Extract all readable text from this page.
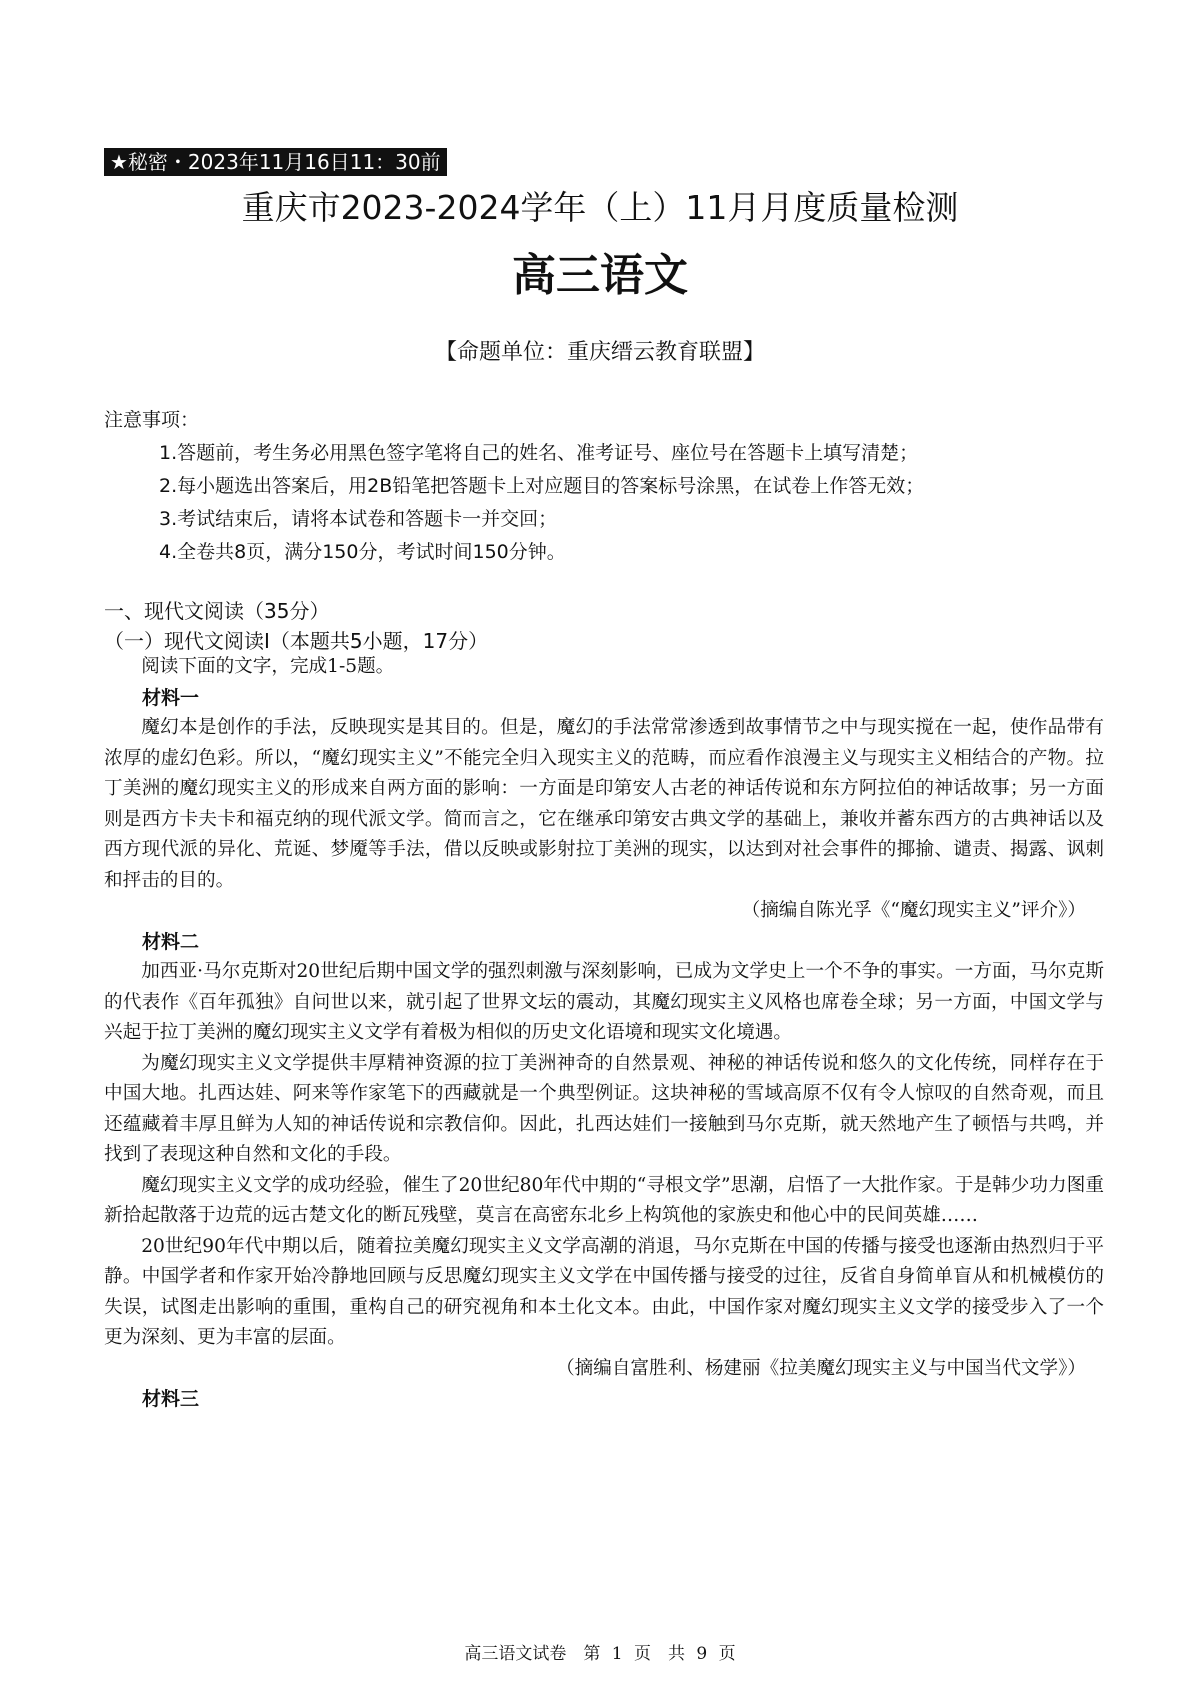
★秘密・2023年11月16日11：30前
重庆市2023-2024学年（上）11月月度质量检测
高三语文
【命题单位：重庆缙云教育联盟】
注意事项：
1.答题前，考生务必用黑色签字笔将自己的姓名、准考证号、座位号在答题卡上填写清楚；
2.每小题选出答案后，用2B铅笔把答题卡上对应题目的答案标号涂黑，在试卷上作答无效；
3.考试结束后，请将本试卷和答题卡一并交回；
4.全卷共8页，满分150分，考试时间150分钟。
一、现代文阅读（35分）
（一）现代文阅读Ⅰ（本题共5小题，17分）

阅读下面的文字，完成1-5题。

材料一

魔幻本是创作的手法，反映现实是其目的。但是，魔幻的手法常常渗透到故事情节之中与现实搅在一起，使作品带有浓厚的虚幻色彩。所以，“魔幻现实主义”不能完全归入现实主义的范畴，而应看作浪漫主义与现实主义相结合的产物。拉丁美洲的魔幻现实主义的形成来自两方面的影响：一方面是印第安人古老的神话传说和东方阿拉伯的神话故事；另一方面则是西方卡夫卡和福克纳的现代派文学。简而言之，它在继承印第安古典文学的基础上，兼收并蓄东西方的古典神话以及西方现代派的异化、荒诞、梦魇等手法，借以反映或影射拉丁美洲的现实，以达到对社会事件的揶揄、谴责、揭露、讽刺和抨击的目的。

（摘编自陈光孚《“魔幻现实主义”评介》）
材料二

加西亚·马尔克斯对20世纪后期中国文学的强烈刺激与深刻影响，已成为文学史上一个不争的事实。一方面，马尔克斯的代表作《百年孤独》自问世以来，就引起了世界文坛的震动，其魔幻现实主义风格也席卷全球；另一方面，中国文学与兴起于拉丁美洲的魔幻现实主义文学有着极为相似的历史文化语境和现实文化境遇。

为魔幻现实主义文学提供丰厚精神资源的拉丁美洲神奇的自然景观、神秘的神话传说和悠久的文化传统，同样存在于中国大地。扎西达娃、阿来等作家笔下的西藏就是一个典型例证。这块神秘的雪域高原不仅有令人惊叹的自然奇观，而且还蕴藏着丰厚且鲜为人知的神话传说和宗教信仰。因此，扎西达娃们一接触到马尔克斯，就天然地产生了顿悟与共鸣，并找到了表现这种自然和文化的手段。

魔幻现实主义文学的成功经验，催生了20世纪80年代中期的“寻根文学”思潮，启悟了一大批作家。于是韩少功力图重新拾起散落于边荒的远古楚文化的断瓦残壁，莫言在高密东北乡上构筑他的家族史和他心中的民间英雄……

20世纪90年代中期以后，随着拉美魔幻现实主义文学高潮的消退，马尔克斯在中国的传播与接受也逐渐由热烈归于平静。中国学者和作家开始冷静地回顾与反思魔幻现实主义文学在中国传播与接受的过往，反省自身简单盲从和机械模仿的失误，试图走出影响的重围，重构自己的研究视角和本土化文本。由此，中国作家对魔幻现实主义文学的接受步入了一个更为深刻、更为丰富的层面。

（摘编自富胜利、杨建丽《拉美魔幻现实主义与中国当代文学》）
材料三
高三语文试卷　第 1 页　共 9 页
